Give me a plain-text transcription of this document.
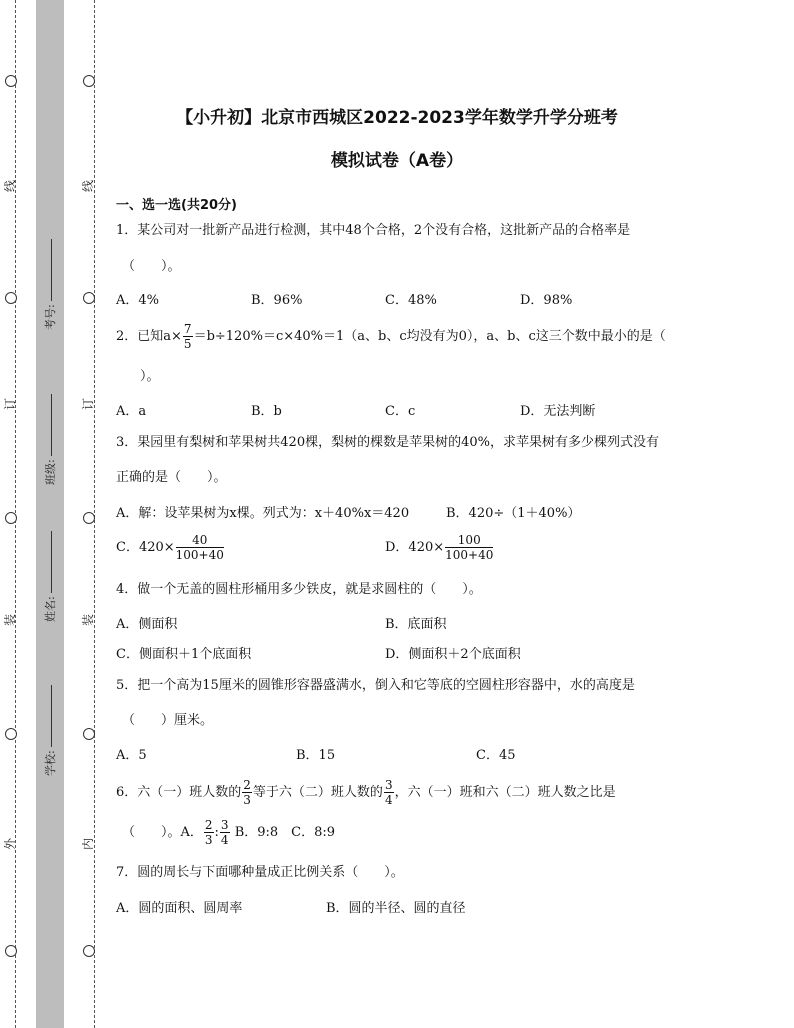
线
订
装
外
线
订
装
内
考号:
班级:
姓名:
学校:
【小升初】北京市西城区2022-2023学年数学升学分班考
模拟试卷（A卷）
一、选一选(共20分)
1．某公司对一批新产品进行检测，其中48个合格，2个没有合格，这批新产品的合格率是
（　　）。
A．4%	B．96%	C．48%	D．98%
2．已知$a\times \frac{7}{5} =b\div 120\%=c\times 40\%=1(a$、b、c均没有为0），a、b、c这三个数中最小的是（
）。
A．a	B．b	C．c	D．无法判断
3．果园里有梨树和苹果树共420棵，梨树的棵数是苹果树的40%，求苹果树有多少棵列式没有
正确的是（　　）。
A．解：设苹果树为x棵。列式为：x＋40%x＝420	B．420÷（1＋40%）
C．$420\times \frac{40}{100+40}$	D．$420\times \frac{100}{100+40}$
4．做一个无盖的圆柱形桶用多少铁皮，就是求圆柱的（　　）。
A．侧面积	B．底面积
C．侧面积＋1个底面积	D．侧面积＋2个底面积
5．把一个高为15厘米的圆锥形容器盛满水，倒入和它等底的空圆柱形容器中，水的高度是
（　　）厘米。
A．5	B．15	C．45
6．六（一）班人数的 $\frac{2}{3}$ 等于六（二）班人数的 $\frac{3}{4}$ ，六（一）班和六（二）班人数之比是
（　　）。A． $\frac{2}{3}$ : $\frac{3}{4}$ B．9:8　C．8:9
7．圆的周长与下面哪种量成正比例关系（　　）。
A．圆的面积、圆周率	B．圆的半径、圆的直径
